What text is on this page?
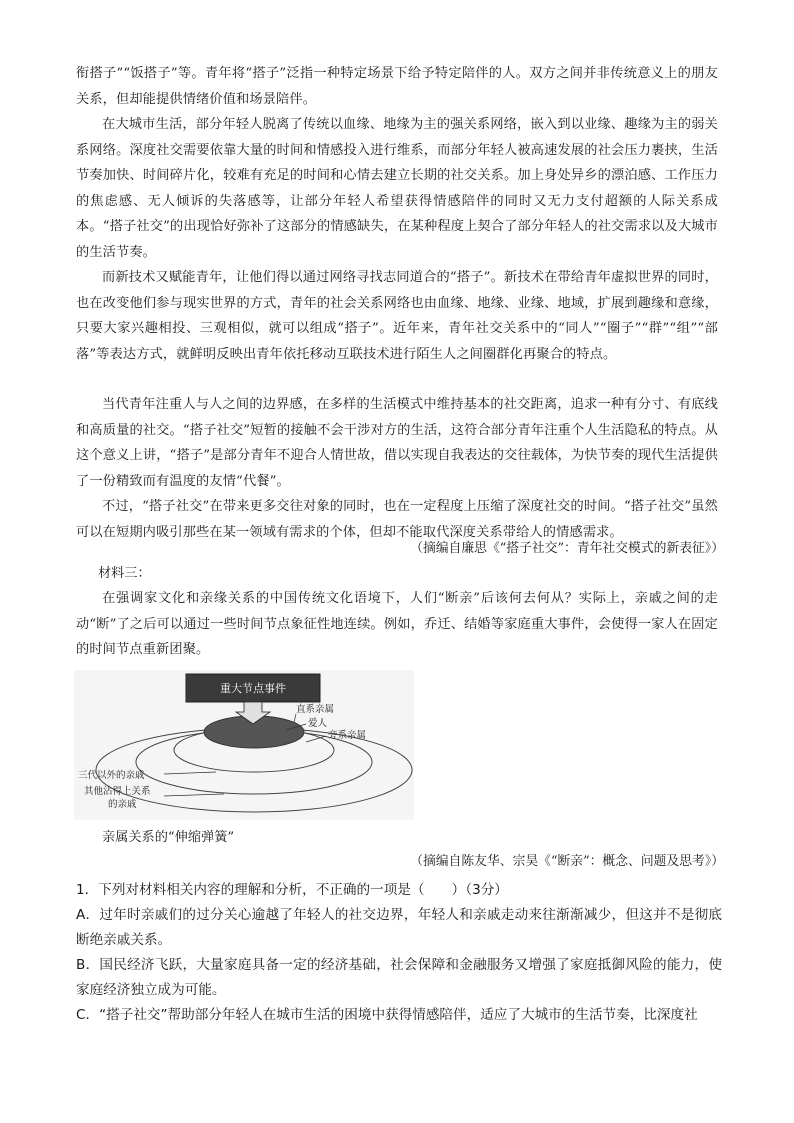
衔搭子”“饭搭子”等。青年将“搭子”泛指一种特定场景下给予特定陪伴的人。双方之间并非传统意义上的朋友关系，但却能提供情绪价值和场景陪伴。

在大城市生活，部分年轻人脱离了传统以血缘、地缘为主的强关系网络，嵌入到以业缘、趣缘为主的弱关系网络。深度社交需要依靠大量的时间和情感投入进行维系，而部分年轻人被高速发展的社会压力裹挟，生活节奏加快、时间碎片化，较难有充足的时间和心情去建立长期的社交关系。加上身处异乡的漂泊感、工作压力的焦虑感、无人倾诉的失落感等，让部分年轻人希望获得情感陪伴的同时又无力支付超额的人际关系成本。“搭子社交”的出现恰好弥补了这部分的情感缺失，在某种程度上契合了部分年轻人的社交需求以及大城市的生活节奏。

而新技术又赋能青年，让他们得以通过网络寻找志同道合的“搭子”。新技术在带给青年虚拟世界的同时，也在改变他们参与现实世界的方式，青年的社会关系网络也由血缘、地缘、业缘、地域，扩展到趣缘和意缘，只要大家兴趣相投、三观相似，就可以组成“搭子”。近年来，青年社交关系中的“同人”“圈子”“群”“组”“部落”等表达方式，就鲜明反映出青年依托移动互联技术进行陌生人之间圈群化再聚合的特点。

当代青年注重人与人之间的边界感，在多样的生活模式中维持基本的社交距离，追求一种有分寸、有底线和高质量的社交。“搭子社交”短暂的接触不会干涉对方的生活，这符合部分青年注重个人生活隐私的特点。从这个意义上讲，“搭子”是部分青年不迎合人情世故，借以实现自我表达的交往载体，为快节奏的现代生活提供了一份精致而有温度的友情“代餐”。

不过，“搭子社交”在带来更多交往对象的同时，也在一定程度上压缩了深度社交的时间。“搭子社交”虽然可以在短期内吸引那些在某一领域有需求的个体，但却不能取代深度关系带给人的情感需求。

（摘编自廉思《“搭子社交”：青年社交模式的新表征》）

材料三：

在强调家文化和亲缘关系的中国传统文化语境下，人们“断亲”后该何去何从？实际上，亲戚之间的走动“断”了之后可以通过一些时间节点象征性地连续。例如，乔迁、结婚等家庭重大事件，会使得一家人在固定的时间节点重新团聚。

重大节点事件
直系亲属
爱人
旁系亲属
三代以外的亲戚
其他沾得上关系
的亲戚

亲属关系的“伸缩弹簧”

（摘编自陈友华、宗昊《“断亲”：概念、问题及思考》）

1．下列对材料相关内容的理解和分析，不正确的一项是（　　）（3分）

A．过年时亲戚们的过分关心逾越了年轻人的社交边界，年轻人和亲戚走动来往渐渐减少，但这并不是彻底断绝亲戚关系。

B．国民经济飞跃，大量家庭具备一定的经济基础，社会保障和金融服务又增强了家庭抵御风险的能力，使家庭经济独立成为可能。

C．“搭子社交”帮助部分年轻人在城市生活的困境中获得情感陪伴，适应了大城市的生活节奏，比深度社
